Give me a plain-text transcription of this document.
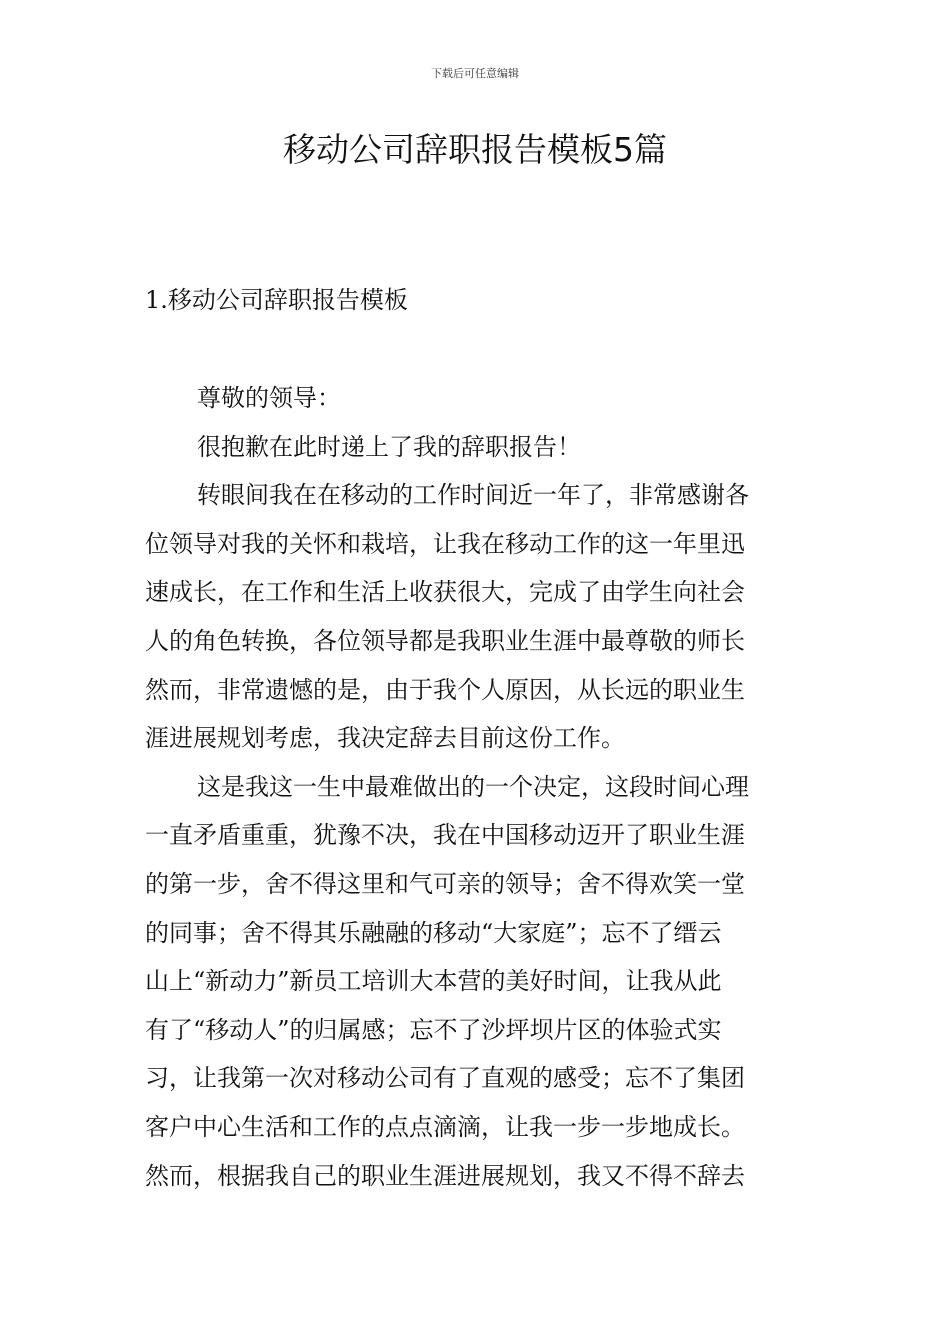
下载后可任意编辑
移动公司辞职报告模板5篇
1.移动公司辞职报告模板

尊敬的领导：

很抱歉在此时递上了我的辞职报告！

转眼间我在在移动的工作时间近一年了，非常感谢各
位领导对我的关怀和栽培，让我在移动工作的这一年里迅
速成长，在工作和生活上收获很大，完成了由学生向社会
人的角色转换，各位领导都是我职业生涯中最尊敬的师长
然而，非常遗憾的是，由于我个人原因，从长远的职业生
涯进展规划考虑，我决定辞去目前这份工作。

这是我这一生中最难做出的一个决定，这段时间心理
一直矛盾重重，犹豫不决，我在中国移动迈开了职业生涯
的第一步，舍不得这里和气可亲的领导；舍不得欢笑一堂
的同事；舍不得其乐融融的移动“大家庭”；忘不了缙云
山上“新动力”新员工培训大本营的美好时间，让我从此
有了“移动人”的归属感；忘不了沙坪坝片区的体验式实
习，让我第一次对移动公司有了直观的感受；忘不了集团
客户中心生活和工作的点点滴滴，让我一步一步地成长。
然而，根据我自己的职业生涯进展规划，我又不得不辞去
